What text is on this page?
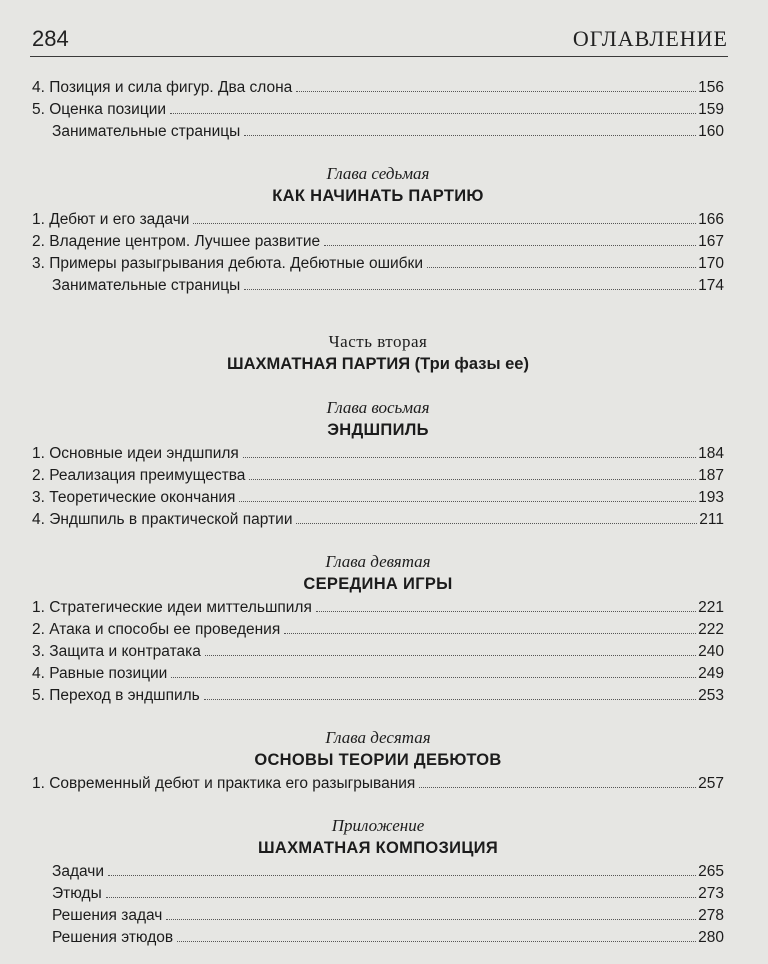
284	ОГЛАВЛЕНИЕ
4. Позиция и сила фигур. Два слона	156
5. Оценка позиции	159
Занимательные страницы	160
Глава седьмая
КАК НАЧИНАТЬ ПАРТИЮ
1. Дебют и его задачи	166
2. Владение центром. Лучшее развитие	167
3. Примеры разыгрывания дебюта. Дебютные ошибки	170
Занимательные страницы	174
Часть вторая
ШАХМАТНАЯ ПАРТИЯ (Три фазы ее)
Глава восьмая
ЭНДШПИЛЬ
1. Основные идеи эндшпиля	184
2. Реализация преимущества	187
3. Теоретические окончания	193
4. Эндшпиль в практической партии	211
Глава девятая
СЕРЕДИНА ИГРЫ
1. Стратегические идеи миттельшпиля	221
2. Атака и способы ее проведения	222
3. Защита и контратака	240
4. Равные позиции	249
5. Переход в эндшпиль	253
Глава десятая
ОСНОВЫ ТЕОРИИ ДЕБЮТОВ
1. Современный дебют и практика его разыгрывания	257
Приложение
ШАХМАТНАЯ КОМПОЗИЦИЯ
Задачи	265
Этюды	273
Решения задач	278
Решения этюдов	280
